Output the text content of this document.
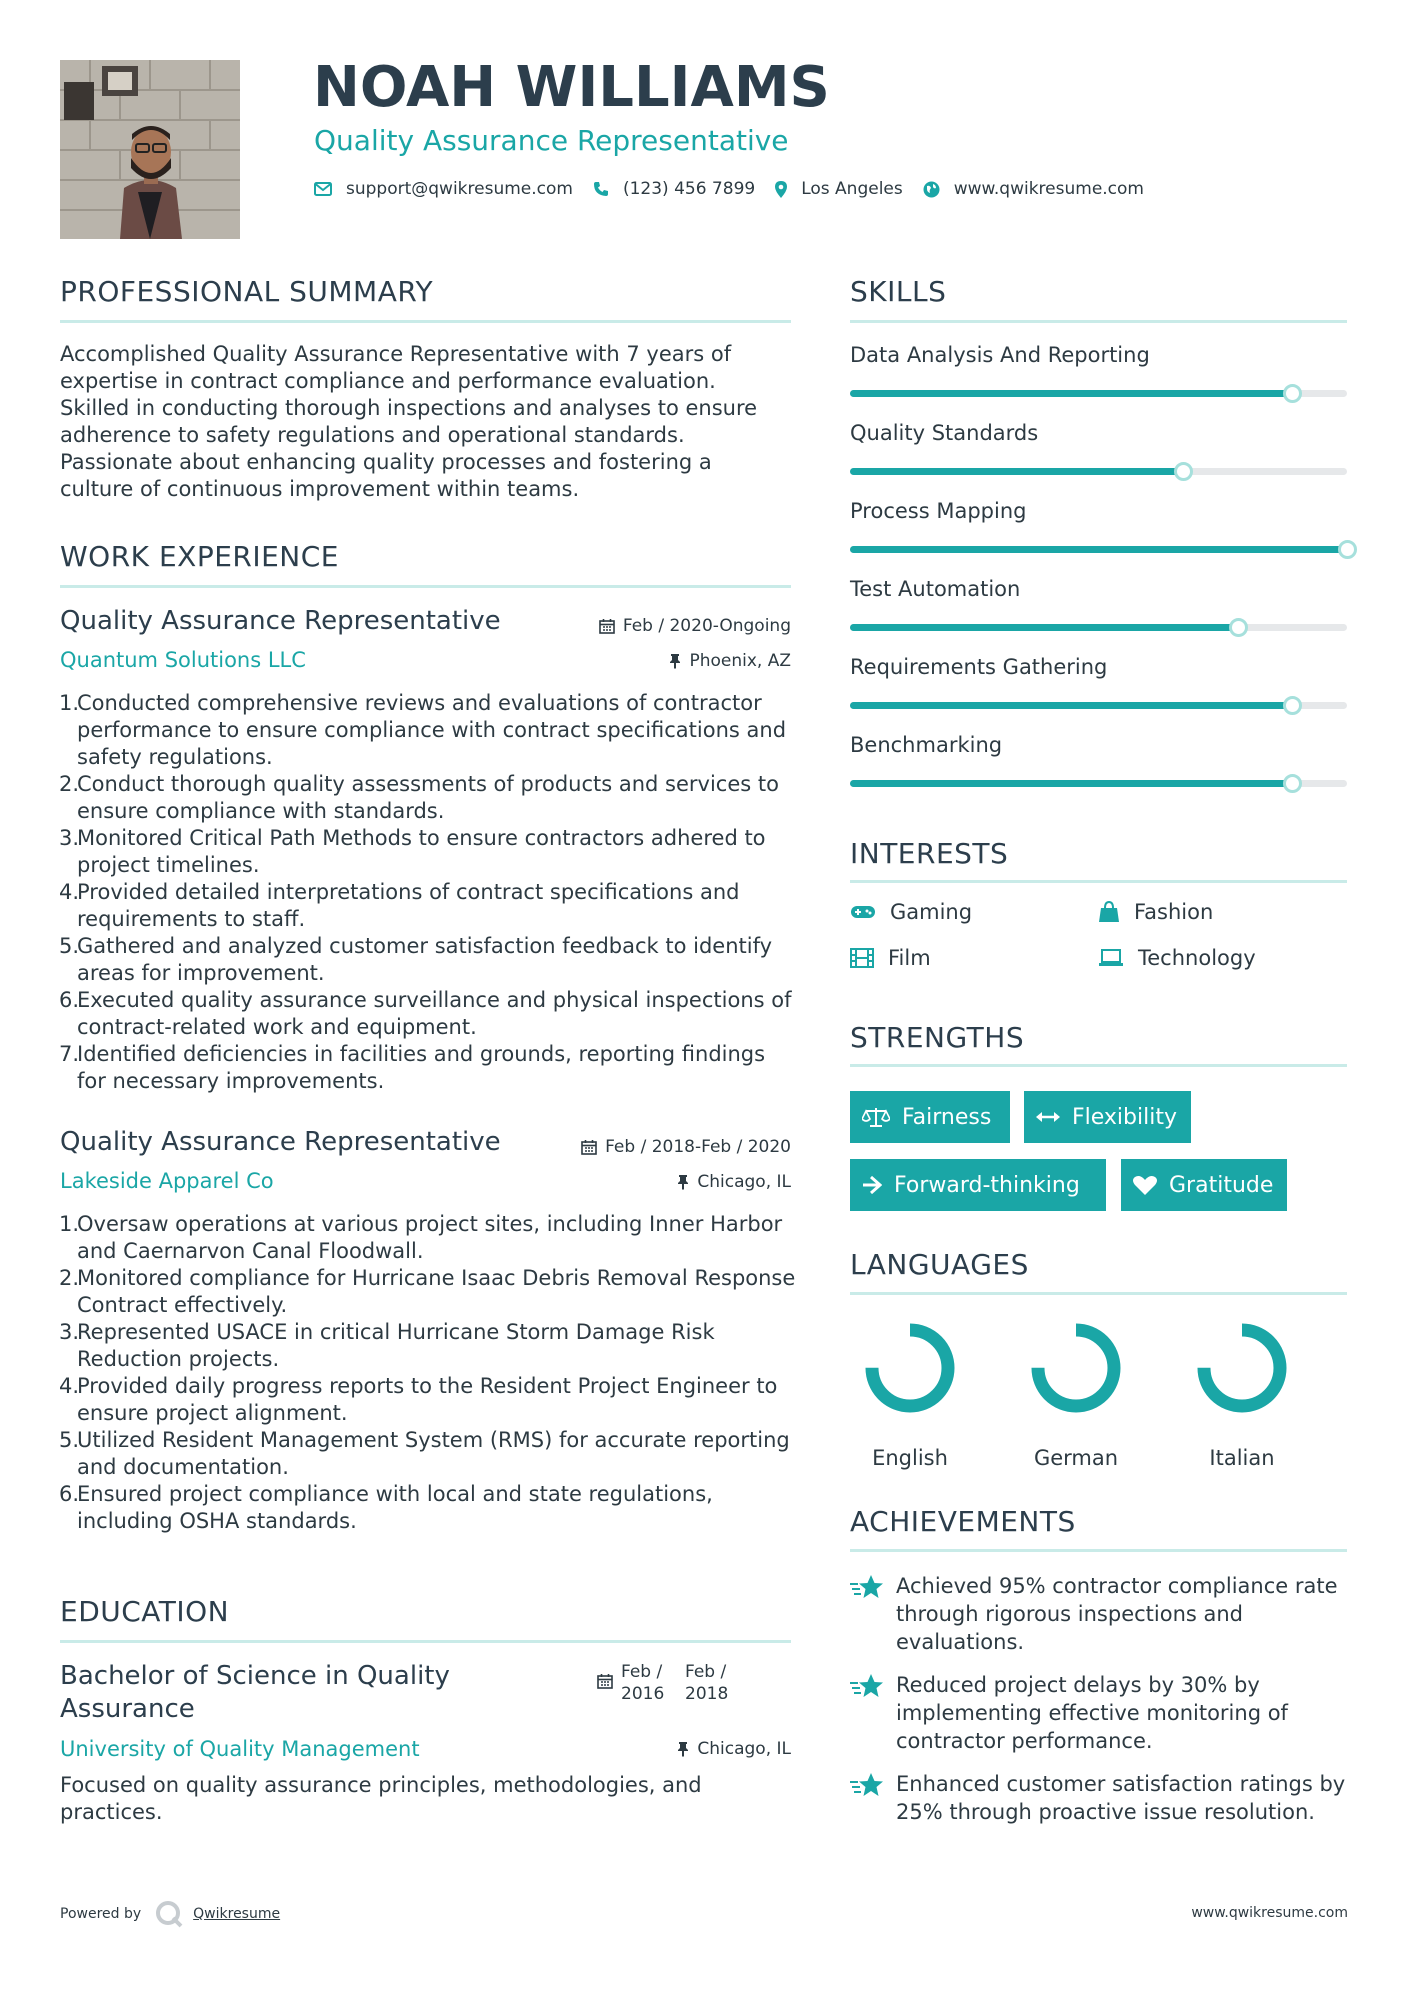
NOAH WILLIAMS
Quality Assurance Representative
support@qwikresume.com	(123) 456 7899	Los Angeles	www.qwikresume.com
PROFESSIONAL SUMMARY
Accomplished Quality Assurance Representative with 7 years of expertise in contract compliance and performance evaluation. Skilled in conducting thorough inspections and analyses to ensure adherence to safety regulations and operational standards. Passionate about enhancing quality processes and fostering a culture of continuous improvement within teams.
WORK EXPERIENCE
Quality Assurance Representative	Feb / 2020-Ongoing
Quantum Solutions LLC	Phoenix, AZ
Conducted comprehensive reviews and evaluations of contractor performance to ensure compliance with contract specifications and safety regulations.
Conduct thorough quality assessments of products and services to ensure compliance with standards.
Monitored Critical Path Methods to ensure contractors adhered to project timelines.
Provided detailed interpretations of contract specifications and requirements to staff.
Gathered and analyzed customer satisfaction feedback to identify areas for improvement.
Executed quality assurance surveillance and physical inspections of contract-related work and equipment.
Identified deficiencies in facilities and grounds, reporting findings for necessary improvements.
Quality Assurance Representative	Feb / 2018-Feb / 2020
Lakeside Apparel Co	Chicago, IL
Oversaw operations at various project sites, including Inner Harbor and Caernarvon Canal Floodwall.
Monitored compliance for Hurricane Isaac Debris Removal Response Contract effectively.
Represented USACE in critical Hurricane Storm Damage Risk Reduction projects.
Provided daily progress reports to the Resident Project Engineer to ensure project alignment.
Utilized Resident Management System (RMS) for accurate reporting and documentation.
Ensured project compliance with local and state regulations, including OSHA standards.
EDUCATION
Bachelor of Science in Quality Assurance
Feb / 2016
Feb / 2018
University of Quality Management	Chicago, IL
Focused on quality assurance principles, methodologies, and practices.
SKILLS
Data Analysis And Reporting
Quality Standards
Process Mapping
Test Automation
Requirements Gathering
Benchmarking
INTERESTS
Gaming	Fashion
Film	Technology
STRENGTHS
Fairness	Flexibility
Forward-thinking	Gratitude
LANGUAGES
English	German	Italian
ACHIEVEMENTS
Achieved 95% contractor compliance rate through rigorous inspections and evaluations.
Reduced project delays by 30% by implementing effective monitoring of contractor performance.
Enhanced customer satisfaction ratings by 25% through proactive issue resolution.
Powered by	Qwikresume	www.qwikresume.com
